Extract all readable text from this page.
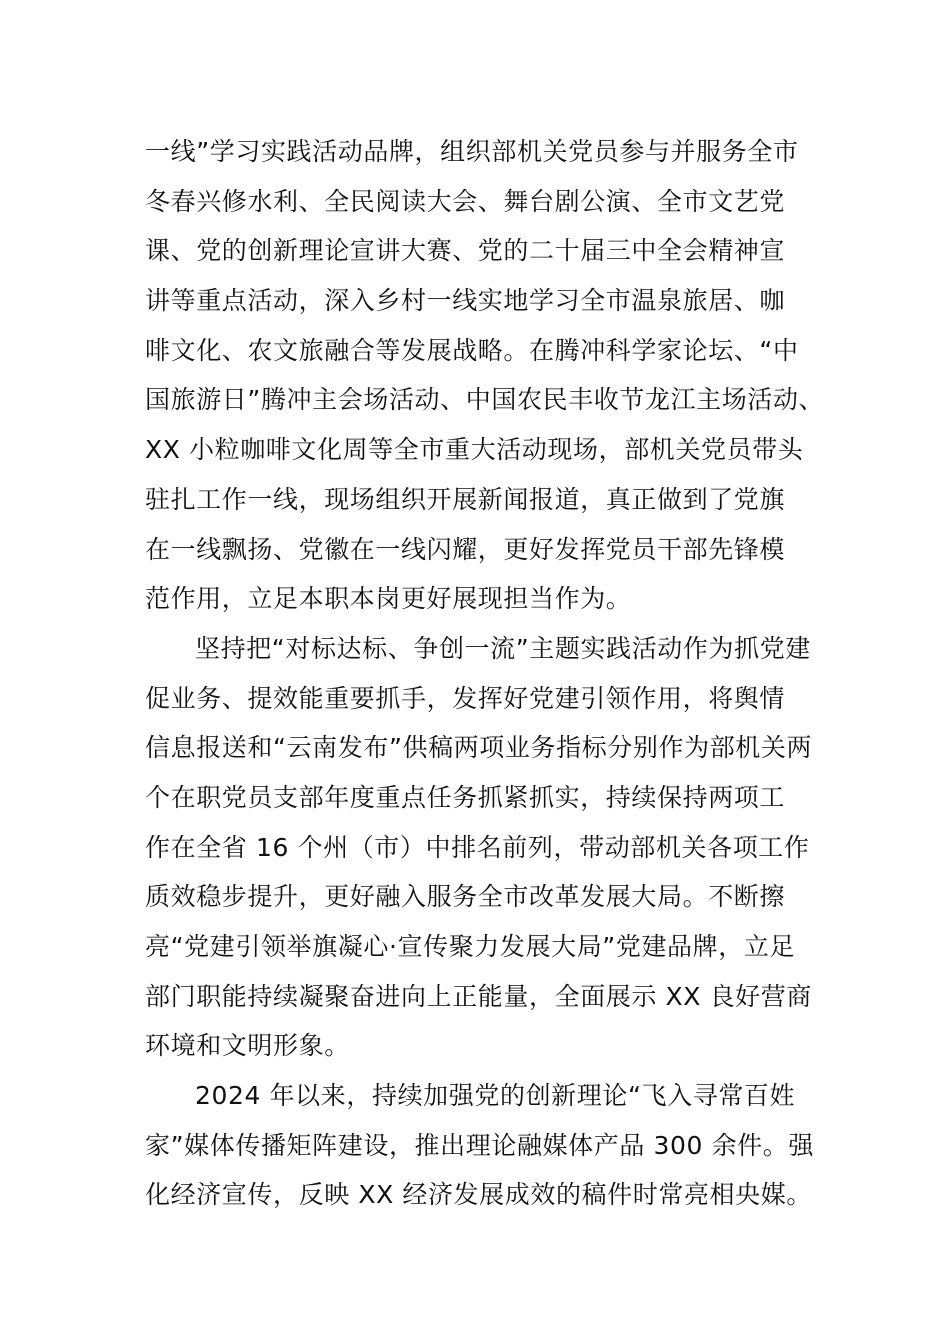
一线”学习实践活动品牌，组织部机关党员参与并服务全市
冬春兴修水利、全民阅读大会、舞台剧公演、全市文艺党
课、党的创新理论宣讲大赛、党的二十届三中全会精神宣
讲等重点活动，深入乡村一线实地学习全市温泉旅居、咖
啡文化、农文旅融合等发展战略。在腾冲科学家论坛、“中
国旅游日”腾冲主会场活动、中国农民丰收节龙江主场活动、
XX 小粒咖啡文化周等全市重大活动现场，部机关党员带头
驻扎工作一线，现场组织开展新闻报道，真正做到了党旗
在一线飘扬、党徽在一线闪耀，更好发挥党员干部先锋模
范作用，立足本职本岗更好展现担当作为。
坚持把“对标达标、争创一流”主题实践活动作为抓党建
促业务、提效能重要抓手，发挥好党建引领作用，将舆情
信息报送和“云南发布”供稿两项业务指标分别作为部机关两
个在职党员支部年度重点任务抓紧抓实，持续保持两项工
作在全省 16 个州（市）中排名前列，带动部机关各项工作
质效稳步提升，更好融入服务全市改革发展大局。不断擦
亮“党建引领举旗凝心·宣传聚力发展大局”党建品牌，立足
部门职能持续凝聚奋进向上正能量，全面展示 XX 良好营商
环境和文明形象。
2024 年以来，持续加强党的创新理论“飞入寻常百姓
家”媒体传播矩阵建设，推出理论融媒体产品 300 余件。强
化经济宣传，反映 XX 经济发展成效的稿件时常亮相央媒。
